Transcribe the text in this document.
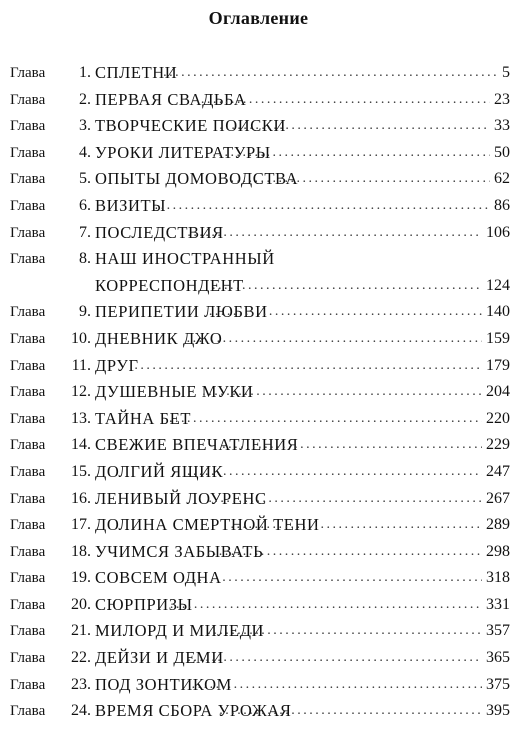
Оглавление
Глава	1. СПЛЕТНИ . . .	5
Глава	2. ПЕРВАЯ СВАДЬБА . . .	23
Глава	3. ТВОРЧЕСКИЕ ПОИСКИ . . .	33
Глава	4. УРОКИ ЛИТЕРАТУРЫ . . .	50
Глава	5. ОПЫТЫ ДОМОВОДСТВА . . .	62
Глава	6. ВИЗИТЫ . . .	86
Глава	7. ПОСЛЕДСТВИЯ . . .	106
Глава	8. НАШ ИНОСТРАННЫЙ
КОРРЕСПОНДЕНТ . . .	124
Глава	9. ПЕРИПЕТИИ ЛЮБВИ . . .	140
Глава	10. ДНЕВНИК ДЖО . . .	159
Глава	11. ДРУГ . . .	179
Глава	12. ДУШЕВНЫЕ МУКИ . . .	204
Глава	13. ТАЙНА БЕТ . . .	220
Глава	14. СВЕЖИЕ ВПЕЧАТЛЕНИЯ . . .	229
Глава	15. ДОЛГИЙ ЯЩИК . . .	247
Глава	16. ЛЕНИВЫЙ ЛОУРЕНС . . .	267
Глава	17. ДОЛИНА СМЕРТНОЙ ТЕНИ . . .	289
Глава	18. УЧИМСЯ ЗАБЫВАТЬ . . .	298
Глава	19. СОВСЕМ ОДНА . . .	318
Глава	20. СЮРПРИЗЫ . . .	331
Глава	21. МИЛОРД И МИЛЕДИ . . .	357
Глава	22. ДЕЙЗИ И ДЕМИ . . .	365
Глава	23. ПОД ЗОНТИКОМ . . .	375
Глава	24. ВРЕМЯ СБОРА УРОЖАЯ . . .	395
